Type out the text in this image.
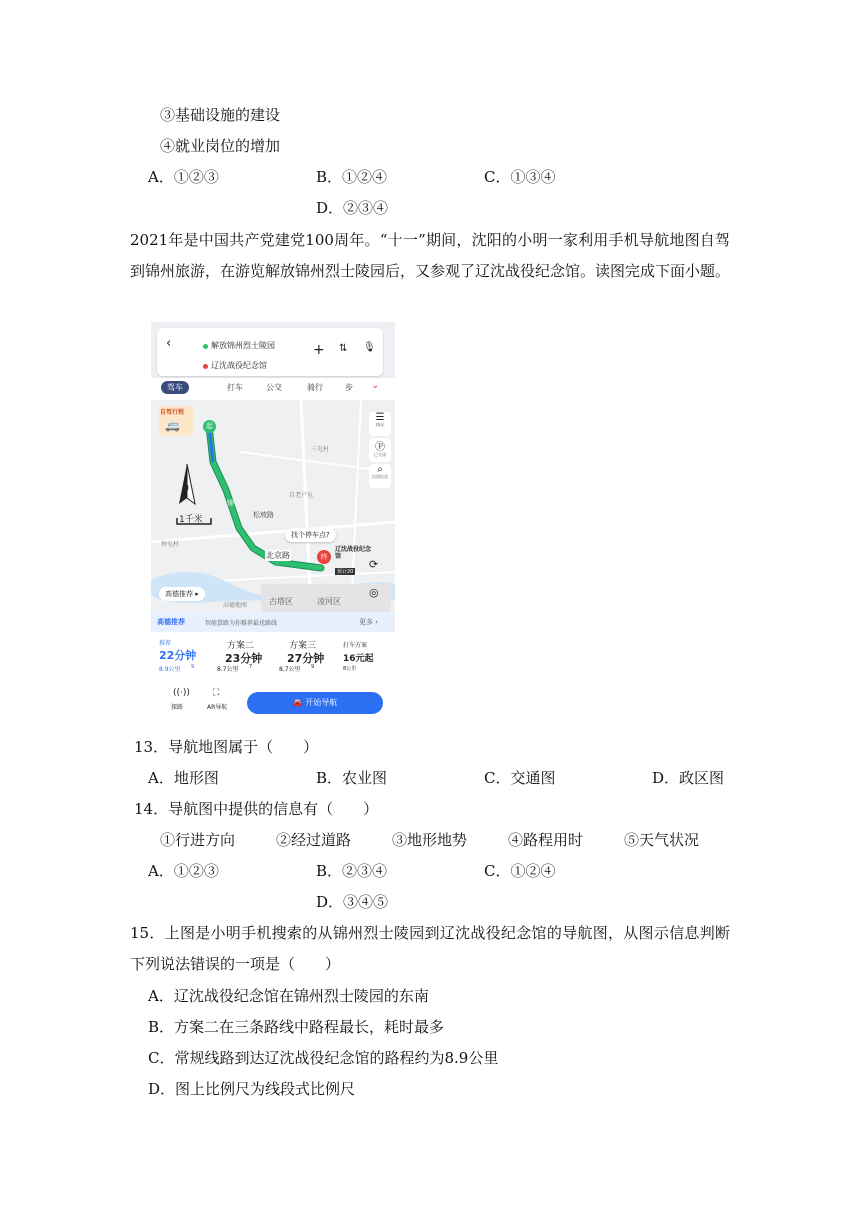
③基础设施的建设
④就业岗位的增加
A．①②③	B．①②④	C．①③④
D．②③④
2021年是中国共产党建党100周年。“十一”期间，沈阳的小明一家利用手机导航地图自驾到锦州旅游，在游览解放锦州烈士陵园后，又参观了辽沈战役纪念馆。读图完成下面小题。
‹	解放锦州烈士陵园
辽沈战役纪念馆
+ ⇅ 🎙
驾车	打车	公交	骑行	步 ⌄
自驾行程
🚐	起
N
1千米
三屯村
自老户屯
松坡路
钟屯村
北京路
古塔区	凌河区
高德地图
锦
☰
路况
Ⓟ
已关闭
⌕
沿途信息
找个停车点?
终
辽沈战役纪念馆
预计20
⟳
高德推荐 ▸	◎
高德推荐	智能算路为你推荐最优路线	更多 ›
推荐
22分钟
8.9公里 9
方案二
23分钟
8.7公里 7
方案三
27分钟
8.7公里 9
打车方案
16元起
8公里
((·))
探路
⛶
AR导航
🚘 开始导航
13．导航地图属于（　　）
A．地形图	B．农业图	C．交通图	D．政区图
14．导航图中提供的信息有（　　）
①行进方向	②经过道路	③地形地势	④路程用时	⑤天气状况
A．①②③	B．②③④	C．①②④
D．③④⑤
15．上图是小明手机搜索的从锦州烈士陵园到辽沈战役纪念馆的导航图，从图示信息判断下列说法错误的一项是（　　）
A．辽沈战役纪念馆在锦州烈士陵园的东南
B．方案二在三条路线中路程最长，耗时最多
C．常规线路到达辽沈战役纪念馆的路程约为8.9公里
D．图上比例尺为线段式比例尺
